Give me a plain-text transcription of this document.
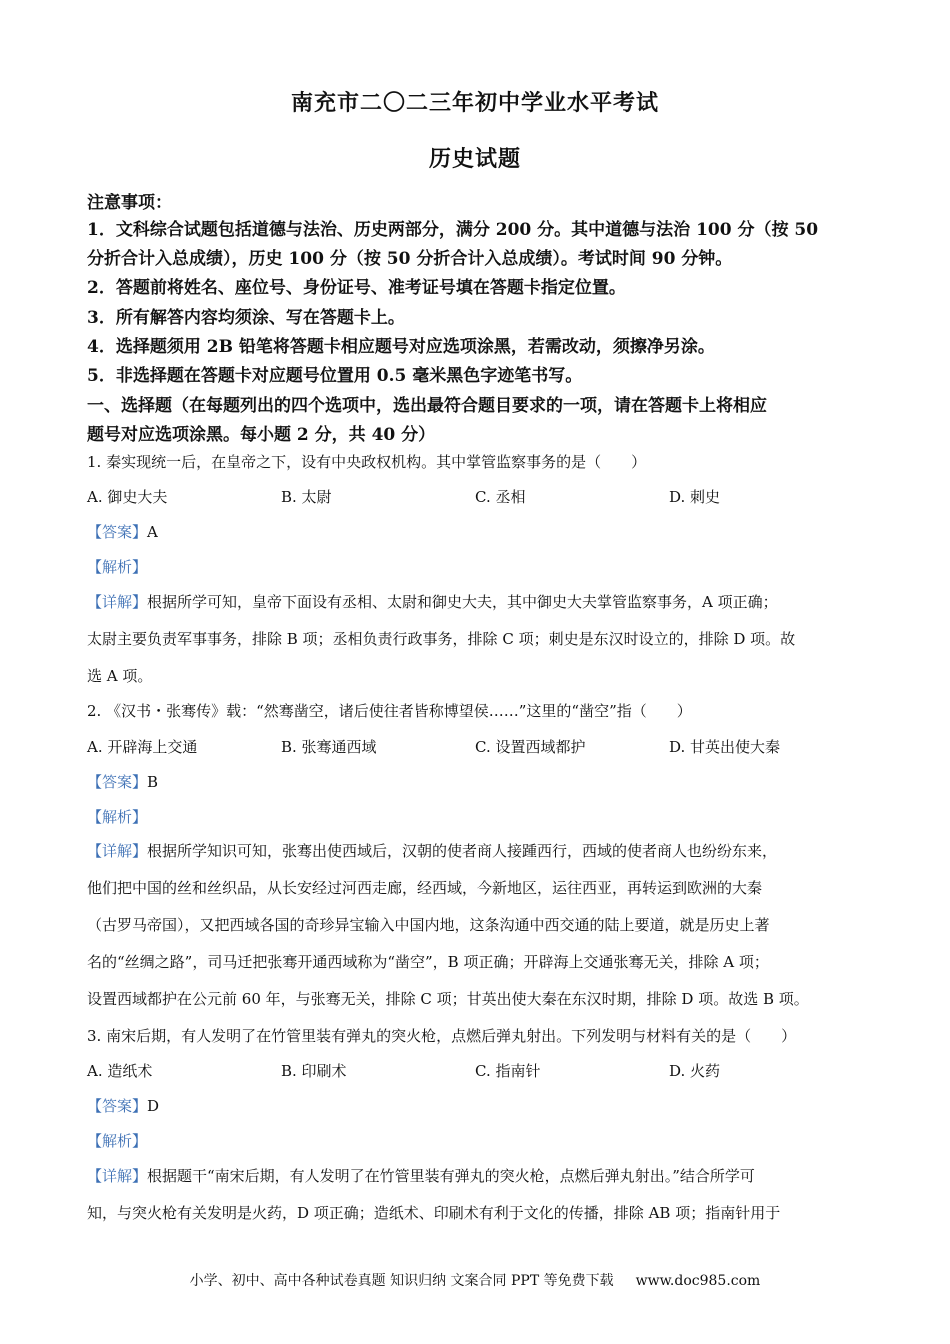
南充市二〇二三年初中学业水平考试
历史试题
注意事项：
1．文科综合试题包括道德与法治、历史两部分，满分 200 分。其中道德与法治 100 分（按 50
分折合计入总成绩），历史 100 分（按 50 分折合计入总成绩）。考试时间 90 分钟。
2．答题前将姓名、座位号、身份证号、准考证号填在答题卡指定位置。
3．所有解答内容均须涂、写在答题卡上。
4．选择题须用 2B 铅笔将答题卡相应题号对应选项涂黑，若需改动，须擦净另涂。
5．非选择题在答题卡对应题号位置用 0.5 毫米黑色字迹笔书写。
一、选择题（在每题列出的四个选项中，选出最符合题目要求的一项，请在答题卡上将相应
题号对应选项涂黑。每小题 2 分，共 40 分）
1. 秦实现统一后，在皇帝之下，设有中央政权机构。其中掌管监察事务的是（　　）
A. 御史大夫	B. 太尉	C. 丞相	D. 刺史
【答案】A
【解析】
【详解】根据所学可知，皇帝下面设有丞相、太尉和御史大夫，其中御史大夫掌管监察事务，A 项正确；
太尉主要负责军事事务，排除 B 项；丞相负责行政事务，排除 C 项；刺史是东汉时设立的，排除 D 项。故
选 A 项。
2. 《汉书・张骞传》载：“然骞凿空，诸后使往者皆称博望侯……”这里的“凿空”指（　　）
A. 开辟海上交通	B. 张骞通西域	C. 设置西域都护	D. 甘英出使大秦
【答案】B
【解析】
【详解】根据所学知识可知，张骞出使西域后，汉朝的使者商人接踵西行，西域的使者商人也纷纷东来，
他们把中国的丝和丝织品，从长安经过河西走廊，经西域，今新地区，运往西亚，再转运到欧洲的大秦
（古罗马帝国），又把西域各国的奇珍异宝输入中国内地，这条沟通中西交通的陆上要道，就是历史上著
名的“丝绸之路”，司马迁把张骞开通西域称为“凿空”，B 项正确；开辟海上交通张骞无关，排除 A 项；
设置西域都护在公元前 60 年，与张骞无关，排除 C 项；甘英出使大秦在东汉时期，排除 D 项。故选 B 项。
3. 南宋后期，有人发明了在竹管里装有弹丸的突火枪，点燃后弹丸射出。下列发明与材料有关的是（　　）
A. 造纸术	B. 印刷术	C. 指南针	D. 火药
【答案】D
【解析】
【详解】根据题干“南宋后期，有人发明了在竹管里装有弹丸的突火枪，点燃后弹丸射出。”结合所学可
知，与突火枪有关发明是火药，D 项正确；造纸术、印刷术有利于文化的传播，排除 AB 项；指南针用于
小学、初中、高中各种试卷真题 知识归纳 文案合同 PPT 等免费下载 www.doc985.com
